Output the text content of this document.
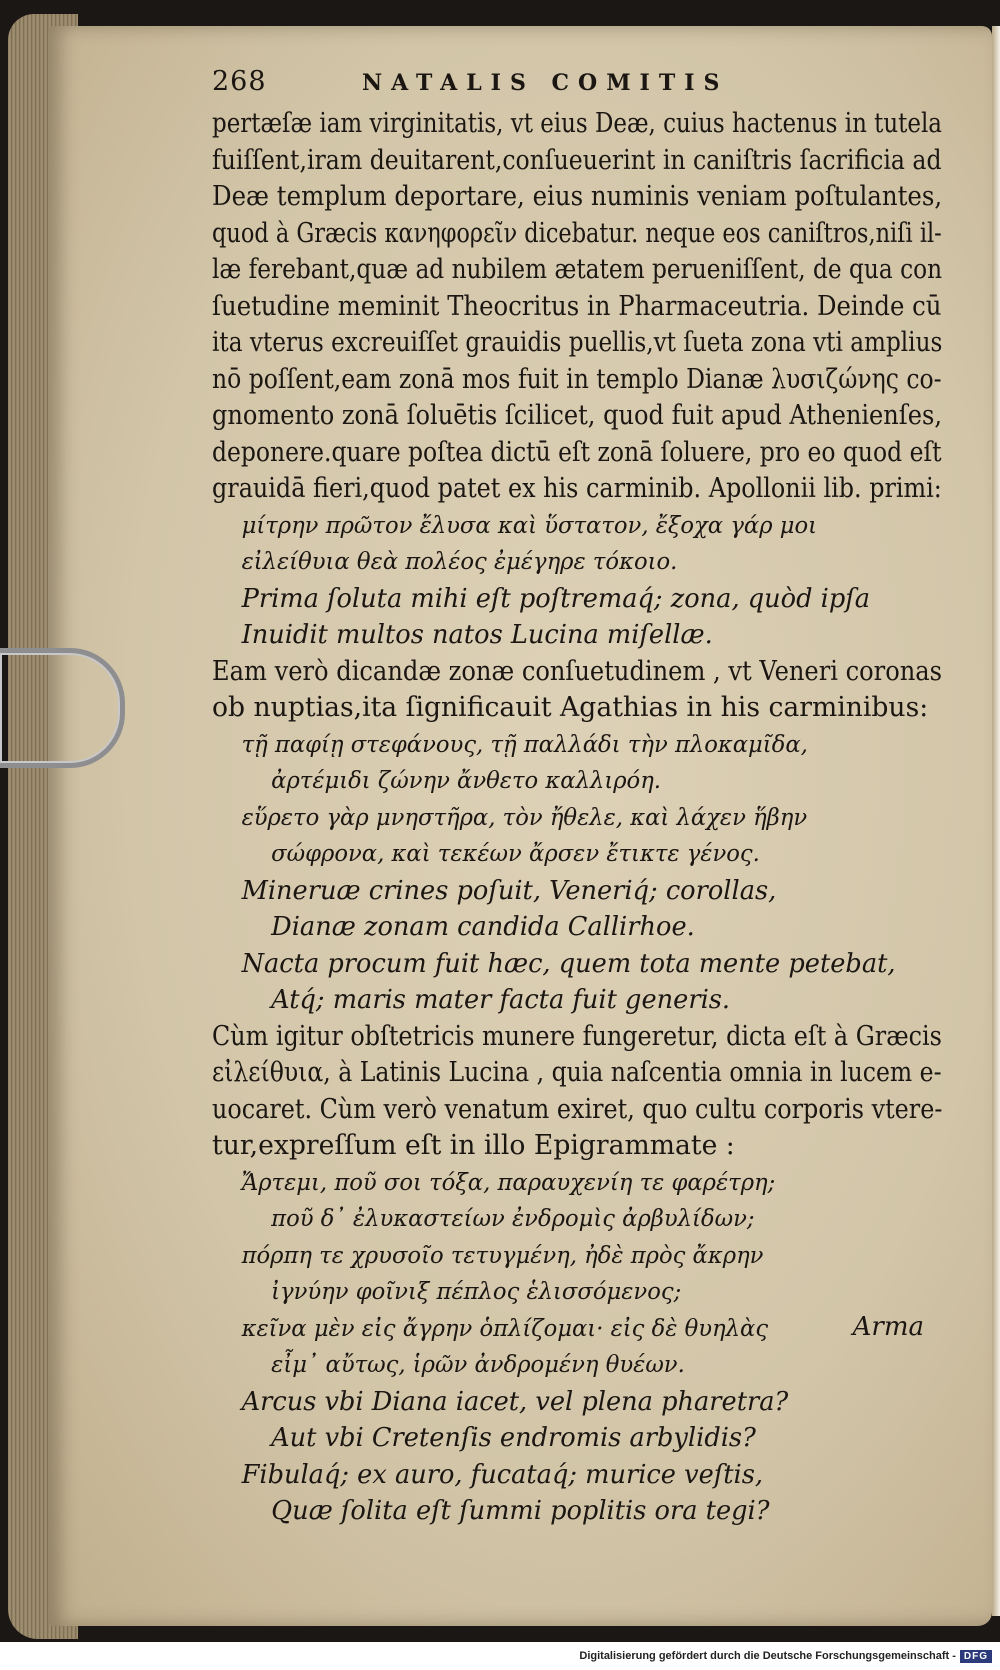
268	NATALIS COMITIS
pertæſæ iam virginitatis, vt eius Deæ, cuius hactenus in tutela
fuiſſent,iram deuitarent,conſueuerint in caniſtris ſacrificia ad
Deæ templum deportare, eius numinis veniam poſtulantes,
quod à Græcis κανηφορεῖν dicebatur. neque eos caniſtros,niſi il-
læ ferebant,quæ ad nubilem ætatem perueniſſent, de qua con
ſuetudine meminit Theocritus in Pharmaceutria. Deinde cū
ita vterus excreuiſſet grauidis puellis,vt ſueta zona vti amplius
nō poſſent,eam zonā mos fuit in templo Dianæ λυσιζώνης co-
gnomento zonā ſoluētis ſcilicet, quod fuit apud Athenienſes,
deponere.quare poſtea dictū eſt zonā ſoluere, pro eo quod eſt
grauidā fieri,quod patet ex his carminib. Apollonii lib. primi:
μίτρην πρῶτον ἔλυσα καὶ ὕστατον, ἔξοχα γάρ μοι
εἰλείθυια θεὰ πολέος ἐμέγηρε τόκοιο.
Prima ſoluta mihi eſt poſtremaq́; zona, quòd ipſa
Inuidit multos natos Lucina miſellæ.
Eam verò dicandæ zonæ conſuetudinem , vt Veneri coronas
ob nuptias,ita ſignificauit Agathias in his carminibus:
τῇ παφίῃ στεφάνους, τῇ παλλάδι τὴν πλοκαμῖδα,
ἀρτέμιδι ζώνην ἄνθετο καλλιρόη.
εὕρετο γὰρ μνηστῆρα, τὸν ἤθελε, καὶ λάχεν ἥβην
σώφρονα, καὶ τεκέων ἄρσεν ἔτικτε γένος.
Mineruæ crines poſuit, Veneriq́; corollas,
Dianæ zonam candida Callirhoe.
Nacta procum fuit hæc, quem tota mente petebat,
Atq́; maris mater facta fuit generis.
Cùm igitur obſtetricis munere fungeretur, dicta eſt à Græcis
εἰλείθυια, à Latinis Lucina , quia naſcentia omnia in lucem e-
uocaret. Cùm verò venatum exiret, quo cultu corporis vtere-
tur,expreſſum eſt in illo Epigrammate :
Ἄρτεμι, ποῦ σοι τόξα, παραυχενίη τε φαρέτρη;
ποῦ δ᾽ ἐλυκαστείων ἐνδρομὶς ἀρβυλίδων;
πόρπη τε χρυσοῖο τετυγμένη, ἠδὲ πρὸς ἄκρην
ἰγνύην φοῖνιξ πέπλος ἑλισσόμενος;
κεῖνα μὲν εἰς ἄγρην ὁπλίζομαι· εἰς δὲ θυηλὰς
εἶμ᾽ αὔτως, ἱρῶν ἀνδρομένη θυέων.
Arcus vbi Diana iacet, vel plena pharetra?
Aut vbi Cretenſis endromis arbylidis?
Fibulaq́; ex auro, fucataq́; murice veſtis,
Quæ ſolita eſt ſummi poplitis ora tegi?
Arma
Digitalisierung gefördert durch die Deutsche Forschungsgemeinschaft - DFG
